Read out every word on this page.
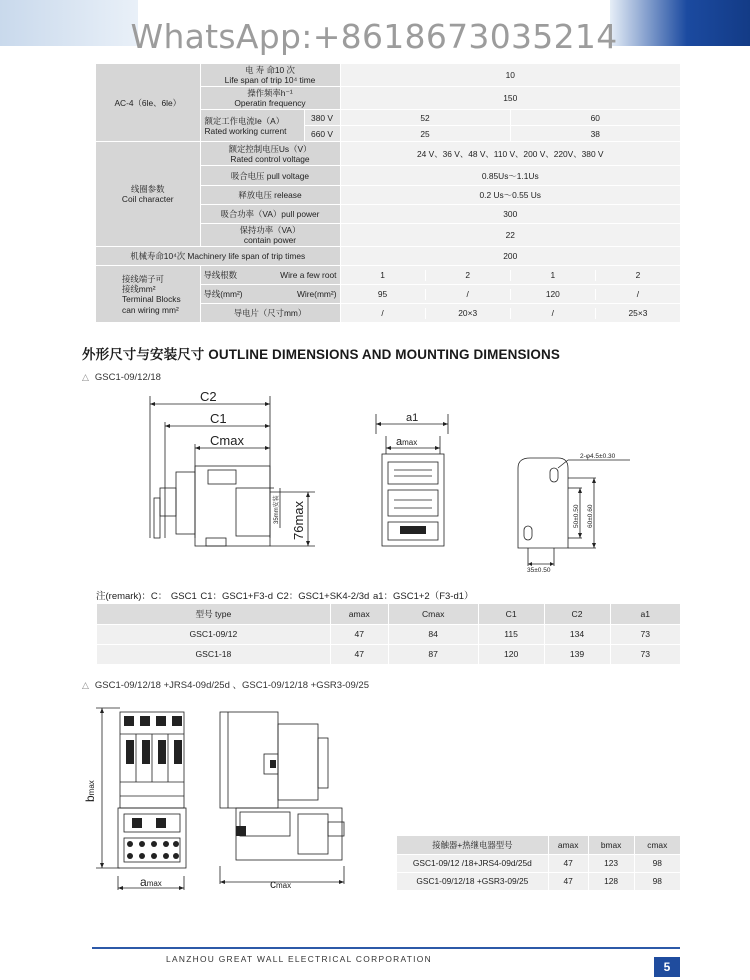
WhatsApp:+8618673035214
AC-4（6le、6le）	电 寿 命10 次
Life span of trip 10⁴ time		10	
	操作频率h⁻¹
Operatin frequency		150	
	额定工作电流Ie（A）
Rated working current	380 V	52	60
		660 V	25	38
线圈参数
Coil character	额定控制电压Us（V）
Rated control voltage		24 V、36 V、48 V、110 V、200 V、220V、380 V	
	吸合电压 pull voltage		0.85Us～1.1Us	
	释放电压 release		0.2 Us～0.55 Us	
	吸合功率（VA）pull power		300	
	保持功率（VA）
contain power		22	
机械寿命10⁴次 Machinery life span of trip times			200	
接线端子可
接线mm²
Terminal Blocks
can wiring mm²	导线根数 Wire a few root		1 2 1 2	

	导线(mm²) Wire(mm²)		95 / 120 /	

	导电片（尺寸mm）		/ 20×3 / 25×3	
外形尺寸与安装尺寸 OUTLINE DIMENSIONS AND MOUNTING DIMENSIONS
△ GSC1-09/12/18
C2
C1
Cmax
76max
35mm安装
a1
amax
2-φ4.5±0.30
50±0.50 60±0.60
35±0.50
注(remark)：C： GSC1 C1：GSC1+F3-d C2：GSC1+SK4-2/3d a1：GSC1+2（F3-d1）
型号 type	amax	Cmax	C1	C2	a1
GSC1-09/12	47	84	115	134	73
GSC1-18	47	87	120	139	73
△ GSC1-09/12/18 +JRS4-09d/25d 、GSC1-09/12/18 +GSR3-09/25
bmax
amax	cmax
接触器+热继电器型号	amax	bmax	cmax
GSC1-09/12 /18+JRS4-09d/25d	47	123	98
GSC1-09/12/18 +GSR3-09/25	47	128	98
LANZHOU GREAT WALL ELECTRICAL CORPORATION
5
